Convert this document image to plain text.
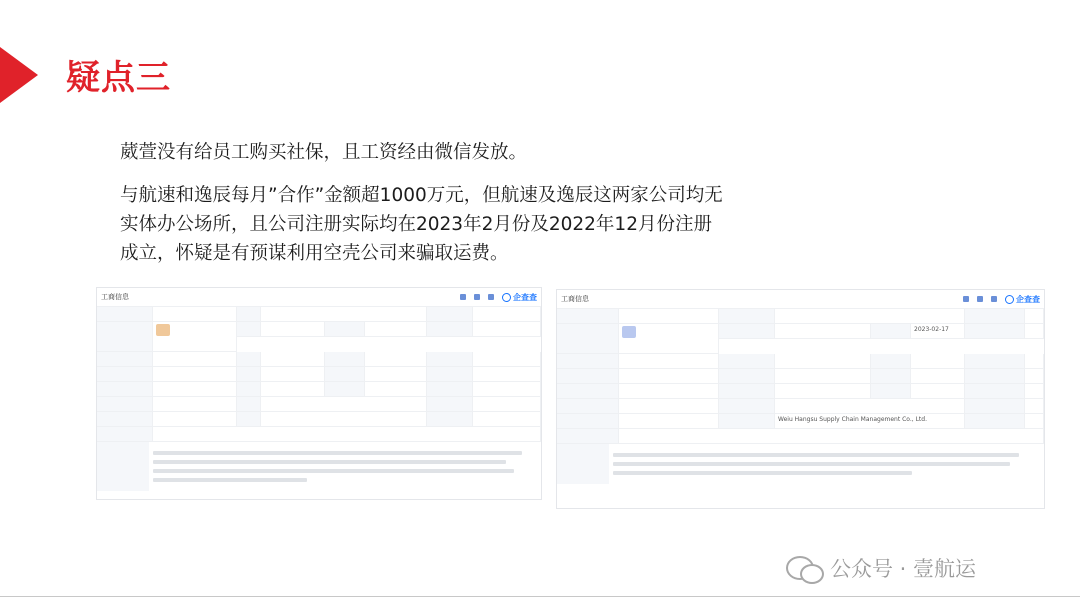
疑点三
葳萱没有给员工购买社保，且工资经由微信发放。
与航速和逸辰每月”合作”金额超1000万元，但航速及逸辰这两家公司均无实体办公场所，且公司注册实际均在2023年2月份及2022年12月份注册成立，怀疑是有预谋利用空壳公司来骗取运费。
工商信息	企查查	工商信息	企查查
2023-02-17
Weiu Hangsu Supply Chain Management Co., Ltd.
公众号 · 壹航运
